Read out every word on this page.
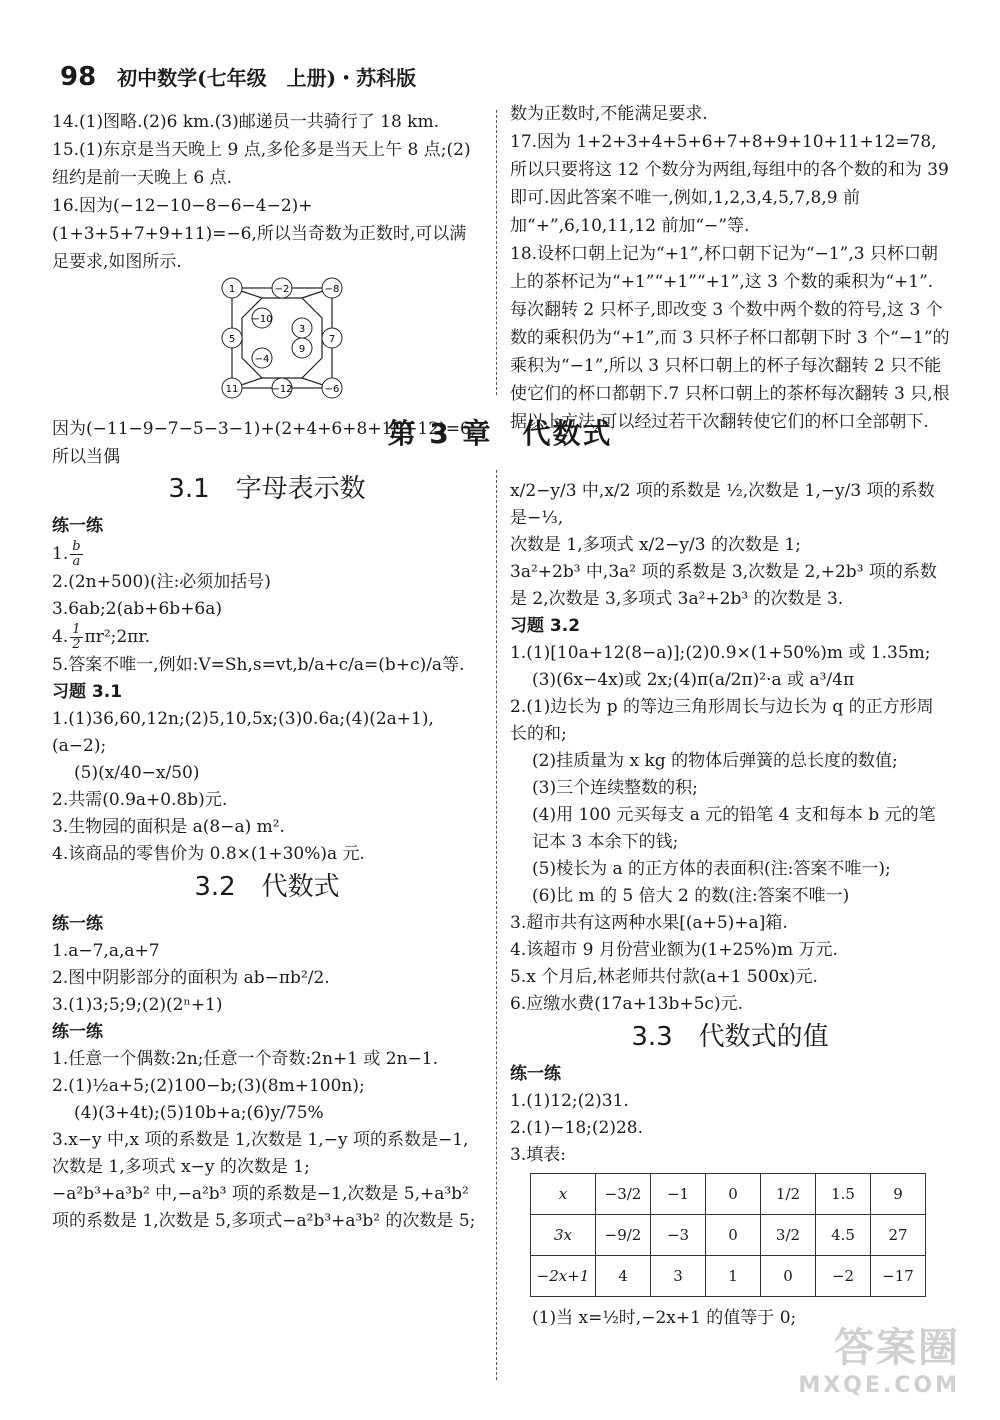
98 初中数学(七年级　上册)・苏科版

14.(1)图略.(2)6 km.(3)邮递员一共骑行了 18 km.

15.(1)东京是当天晚上 9 点,多伦多是当天上午 8 点;(2)纽约是前一天晚上 6 点.

16.因为(−12−10−8−6−4−2)+(1+3+5+7+9+11)=−6,所以当奇数为正数时,可以满足要求,如图所示.

1	−2	−8
−10
3
5	7
−4
9
11	−12	−6

因为(−11−9−7−5−3−1)+(2+4+6+8+10+12)=6,所以当偶

数为正数时,不能满足要求.

17.因为 1+2+3+4+5+6+7+8+9+10+11+12=78,所以只要将这 12 个数分为两组,每组中的各个数的和为 39 即可.因此答案不唯一,例如,1,2,3,4,5,7,8,9 前加“+”,6,10,11,12 前加“−”等.

18.设杯口朝上记为“+1”,杯口朝下记为“−1”,3 只杯口朝上的茶杯记为“+1”“+1”“+1”,这 3 个数的乘积为“+1”.每次翻转 2 只杯子,即改变 3 个数中两个数的符号,这 3 个数的乘积仍为“+1”,而 3 只杯子杯口都朝下时 3 个“−1”的乘积为“−1”,所以 3 只杯口朝上的杯子每次翻转 2 只不能使它们的杯口都朝下.7 只杯口朝上的茶杯每次翻转 3 只,根据以上方法,可以经过若干次翻转使它们的杯口全部朝下.

第 3 章　代数式
3.1　字母表示数

练一练

1. $\frac{b}{a}$

2.(2n+500)(注:必须加括号)

3.6ab;2(ab+6b+6a)

4. $\frac{1}{2}$ πr²;2πr.

5.答案不唯一,例如:V=Sh,s=vt,b/a+c/a=(b+c)/a等.

习题 3.1

1.(1)36,60,12n;(2)5,10,5x;(3)0.6a;(4)(2a+1),(a−2);

(5)(x/40−x/50)

2.共需(0.9a+0.8b)元.

3.生物园的面积是 a(8−a) m².

4.该商品的零售价为 0.8×(1+30%)a 元.

3.2　代数式

练一练

1.a−7,a,a+7

2.图中阴影部分的面积为 ab−πb²/2.

3.(1)3;5;9;(2)(2ⁿ+1)

练一练

1.任意一个偶数:2n;任意一个奇数:2n+1 或 2n−1.

2.(1)½a+5;(2)100−b;(3)(8m+100n);

(4)(3+4t);(5)10b+a;(6)y/75%

3.x−y 中,x 项的系数是 1,次数是 1,−y 项的系数是−1,次数是 1,多项式 x−y 的次数是 1;

−a²b³+a³b² 中,−a²b³ 项的系数是−1,次数是 5,+a³b² 项的系数是 1,次数是 5,多项式−a²b³+a³b² 的次数是 5;

x/2−y/3 中,x/2 项的系数是 ½,次数是 1,−y/3 项的系数是−⅓,

次数是 1,多项式 x/2−y/3 的次数是 1;

3a²+2b³ 中,3a² 项的系数是 3,次数是 2,+2b³ 项的系数是 2,次数是 3,多项式 3a²+2b³ 的次数是 3.

习题 3.2

1.(1)[10a+12(8−a)];(2)0.9×(1+50%)m 或 1.35m;

(3)(6x−4x)或 2x;(4)π(a/2π)²·a 或 a³/4π

2.(1)边长为 p 的等边三角形周长与边长为 q 的正方形周长的和;

(2)挂质量为 x kg 的物体后弹簧的总长度的数值;

(3)三个连续整数的积;

(4)用 100 元买每支 a 元的铅笔 4 支和每本 b 元的笔记本 3 本余下的钱;

(5)棱长为 a 的正方体的表面积(注:答案不唯一);

(6)比 m 的 5 倍大 2 的数(注:答案不唯一)

3.超市共有这两种水果[(a+5)+a]箱.

4.该超市 9 月份营业额为(1+25%)m 万元.

5.x 个月后,林老师共付款(a+1 500x)元.

6.应缴水费(17a+13b+5c)元.

3.3　代数式的值

练一练

1.(1)12;(2)31.

2.(1)−18;(2)28.

3.填表:

x	−3/2	−1	0	1/2	1.5	9
3x	−9/2	−3	0	3/2	4.5	27
−2x+1	4	3	1	0	−2	−17

(1)当 x=½时,−2x+1 的值等于 0;

答案圈
MXQE.COM
